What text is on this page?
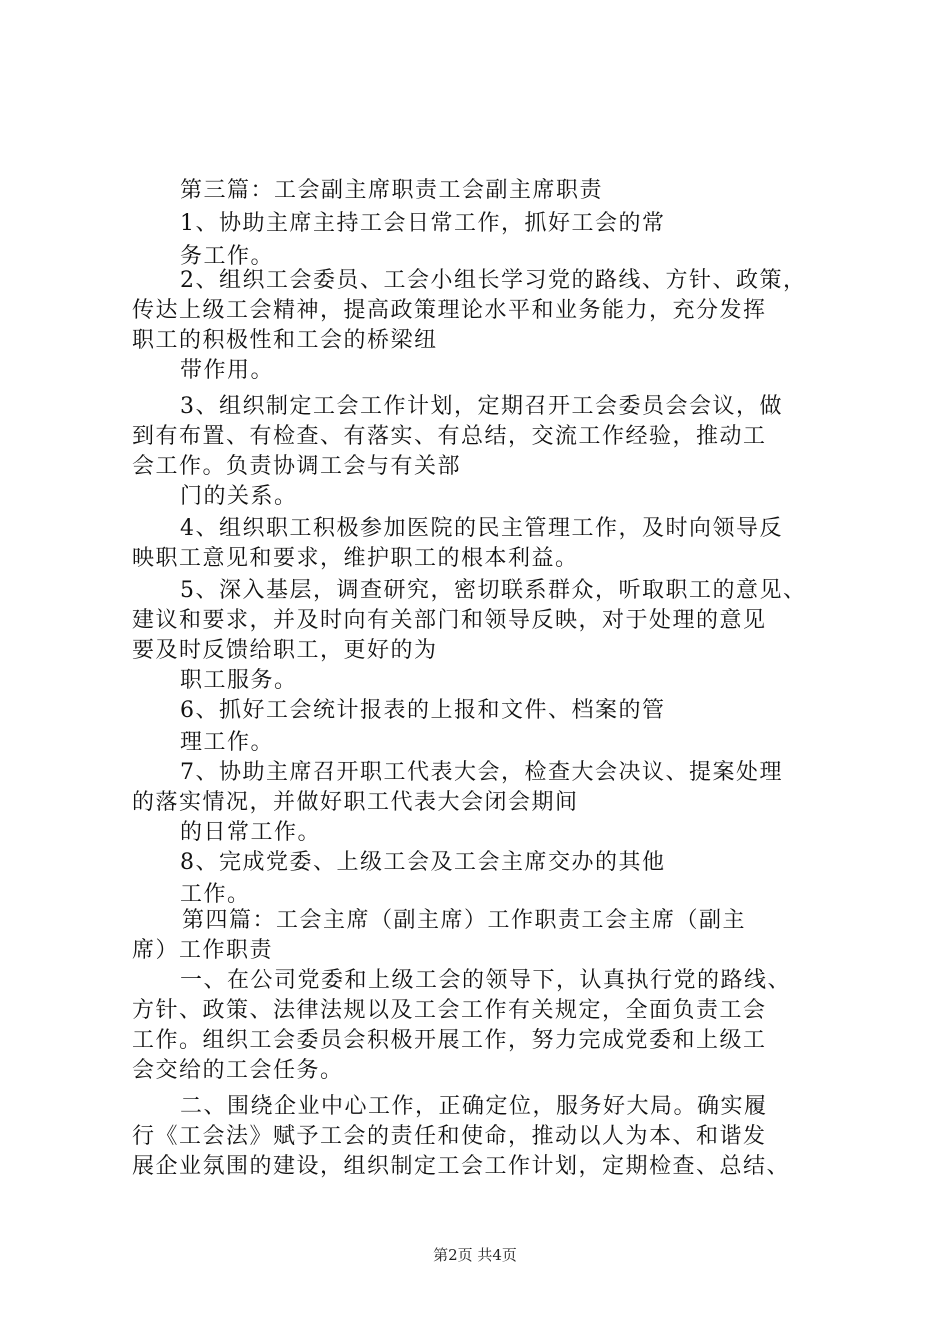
第三篇：工会副主席职责工会副主席职责
1、协助主席主持工会日常工作，抓好工会的常
务工作。
2、组织工会委员、工会小组长学习党的路线、方针、政策，
传达上级工会精神，提高政策理论水平和业务能力，充分发挥
职工的积极性和工会的桥梁纽
带作用。
3、组织制定工会工作计划，定期召开工会委员会会议，做
到有布置、有检查、有落实、有总结，交流工作经验，推动工
会工作。负责协调工会与有关部
门的关系。
4、组织职工积极参加医院的民主管理工作，及时向领导反
映职工意见和要求，维护职工的根本利益。
5、深入基层，调查研究，密切联系群众，听取职工的意见、
建议和要求，并及时向有关部门和领导反映，对于处理的意见
要及时反馈给职工，更好的为
职工服务。
6、抓好工会统计报表的上报和文件、档案的管
理工作。
7、协助主席召开职工代表大会，检查大会决议、提案处理
的落实情况，并做好职工代表大会闭会期间
的日常工作。
8、完成党委、上级工会及工会主席交办的其他
工作。
第四篇：工会主席（副主席）工作职责工会主席（副主
席）工作职责
一、在公司党委和上级工会的领导下，认真执行党的路线、
方针、政策、法律法规以及工会工作有关规定，全面负责工会
工作。组织工会委员会积极开展工作，努力完成党委和上级工
会交给的工会任务。
二、围绕企业中心工作，正确定位，服务好大局。确实履
行《工会法》赋予工会的责任和使命，推动以人为本、和谐发
展企业氛围的建设，组织制定工会工作计划，定期检查、总结、
第2页 共4页
